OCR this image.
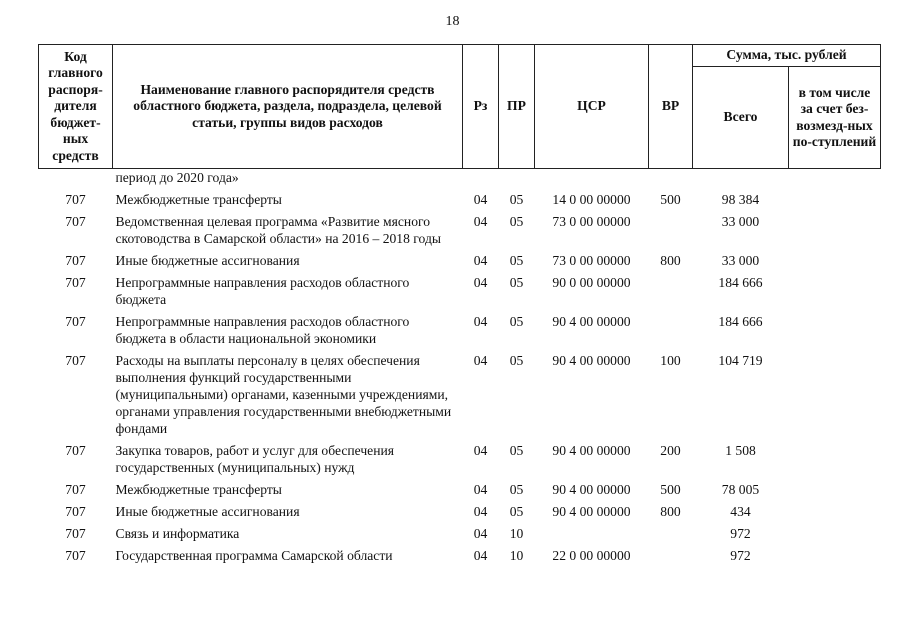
18
Код главного распоря-дителя бюджет-ных средств	Наименование главного распорядителя средств областного бюджета, раздела, подраздела, целевой статьи, группы видов расходов	Рз	ПР	ЦСР	ВР	Сумма, тыс. рублей	
						Всего	в том числе за счет без-возмезд-ных по-ступлений
	период до 2020 года»						
707	Межбюджетные трансферты	04	05	14 0 00 00000	500	98 384	
707	Ведомственная целевая программа «Развитие мясного скотоводства в Самарской области» на 2016 – 2018 годы	04	05	73 0 00 00000		33 000	
707	Иные бюджетные ассигнования	04	05	73 0 00 00000	800	33 000	
707	Непрограммные направления расходов областного бюджета	04	05	90 0 00 00000		184 666	
707	Непрограммные направления расходов областного бюджета в области национальной экономики	04	05	90 4 00 00000		184 666	
707	Расходы на выплаты персоналу в целях обеспечения выполнения функций государственными (муниципальными) органами, казенными учреждениями, органами управления государственными внебюджетными фондами	04	05	90 4 00 00000	100	104 719	
707	Закупка товаров, работ и услуг для обеспечения государственных (муниципальных) нужд	04	05	90 4 00 00000	200	1 508	
707	Межбюджетные трансферты	04	05	90 4 00 00000	500	78 005	
707	Иные бюджетные ассигнования	04	05	90 4 00 00000	800	434	
707	Связь и информатика	04	10			972	
707	Государственная программа Самарской области	04	10	22 0 00 00000		972	
